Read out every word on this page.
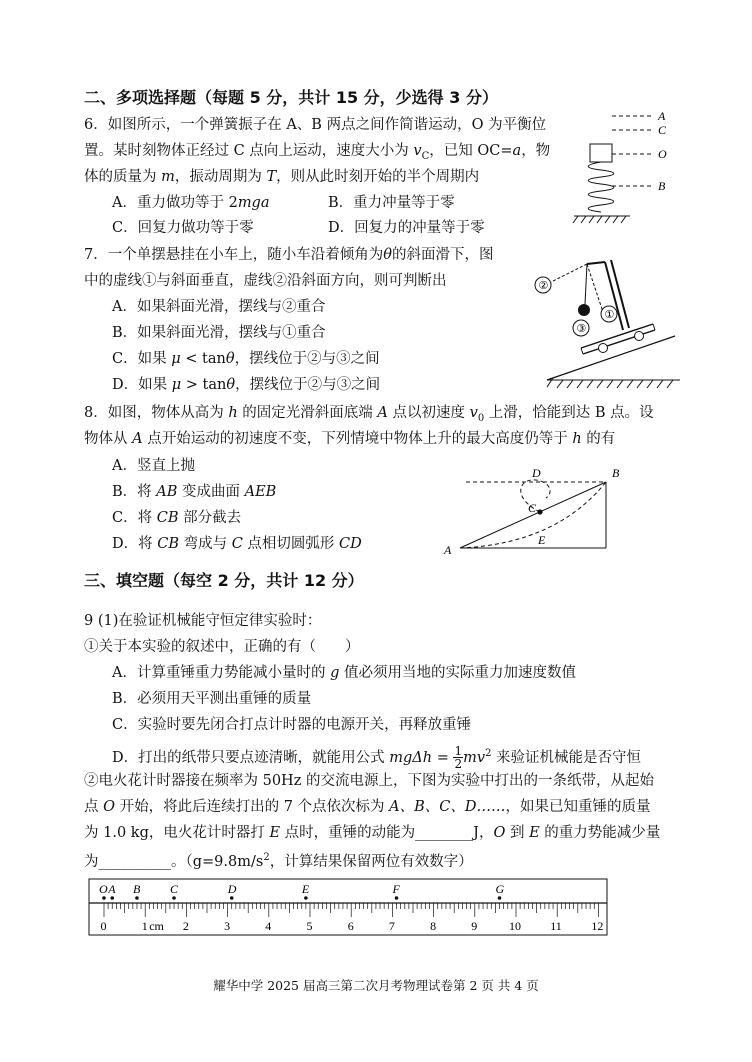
二、多项选择题（每题 5 分，共计 15 分，少选得 3 分）
6．如图所示，一个弹簧振子在 A、B 两点之间作简谐运动，O 为平衡位
置。某时刻物体正经过 C 点向上运动，速度大小为 $v_C$，已知 OC=a，物
体的质量为 m，振动周期为 T，则从此时刻开始的半个周期内
A．重力做功等于 2mga	B．重力冲量等于零
C．回复力做功等于零	D．回复力的冲量等于零
A
C
O
B
7．一个单摆悬挂在小车上，随小车沿着倾角为θ的斜面滑下，图
中的虚线①与斜面垂直，虚线②沿斜面方向，则可判断出
A．如果斜面光滑，摆线与②重合
B．如果斜面光滑，摆线与①重合
C．如果 μ < tanθ，摆线位于②与③之间
D．如果 μ > tanθ，摆线位于②与③之间
②
③
①
8．如图，物体从高为 h 的固定光滑斜面底端 A 点以初速度 $v_0$ 上滑，恰能到达 B 点。设
物体从 A 点开始运动的初速度不变，下列情境中物体上升的最大高度仍等于 h 的有
A．竖直上抛
B．将 AB 变成曲面 AEB
C．将 CB 部分截去
D．将 CB 弯成与 C 点相切圆弧形 CD
D	B
C
E
A
三、填空题（每空 2 分，共计 12 分）
9 (1)在验证机械能守恒定律实验时：
①关于本实验的叙述中，正确的有（　　）
A．计算重锤重力势能减小量时的 g 值必须用当地的实际重力加速度数值
B．必须用天平测出重锤的质量
C．实验时要先闭合打点计时器的电源开关，再释放重锤
D．打出的纸带只要点迹清晰，就能用公式 $mg\Delta h = \frac{1}{2} mv^2$ 来验证机械能是否守恒
②电火花计时器接在频率为 50Hz 的交流电源上，下图为实验中打出的一条纸带，从起始
点 O 开始，将此后连续打出的 7 个点依次标为 A、B、C、D……，如果已知重锤的质量
为 1.0 kg，电火花计时器打 E 点时，重锤的动能为________J，O 到 E 的重力势能减少量
为__________。（$g=9.8m/s^2$，计算结果保留两位有效数字）
O A B C	D	E	F	G
0	1	2	3	4	5	6	7	8	9	10 11 12
cm
耀华中学 2025 届高三第二次月考物理试卷第 2 页 共 4 页
